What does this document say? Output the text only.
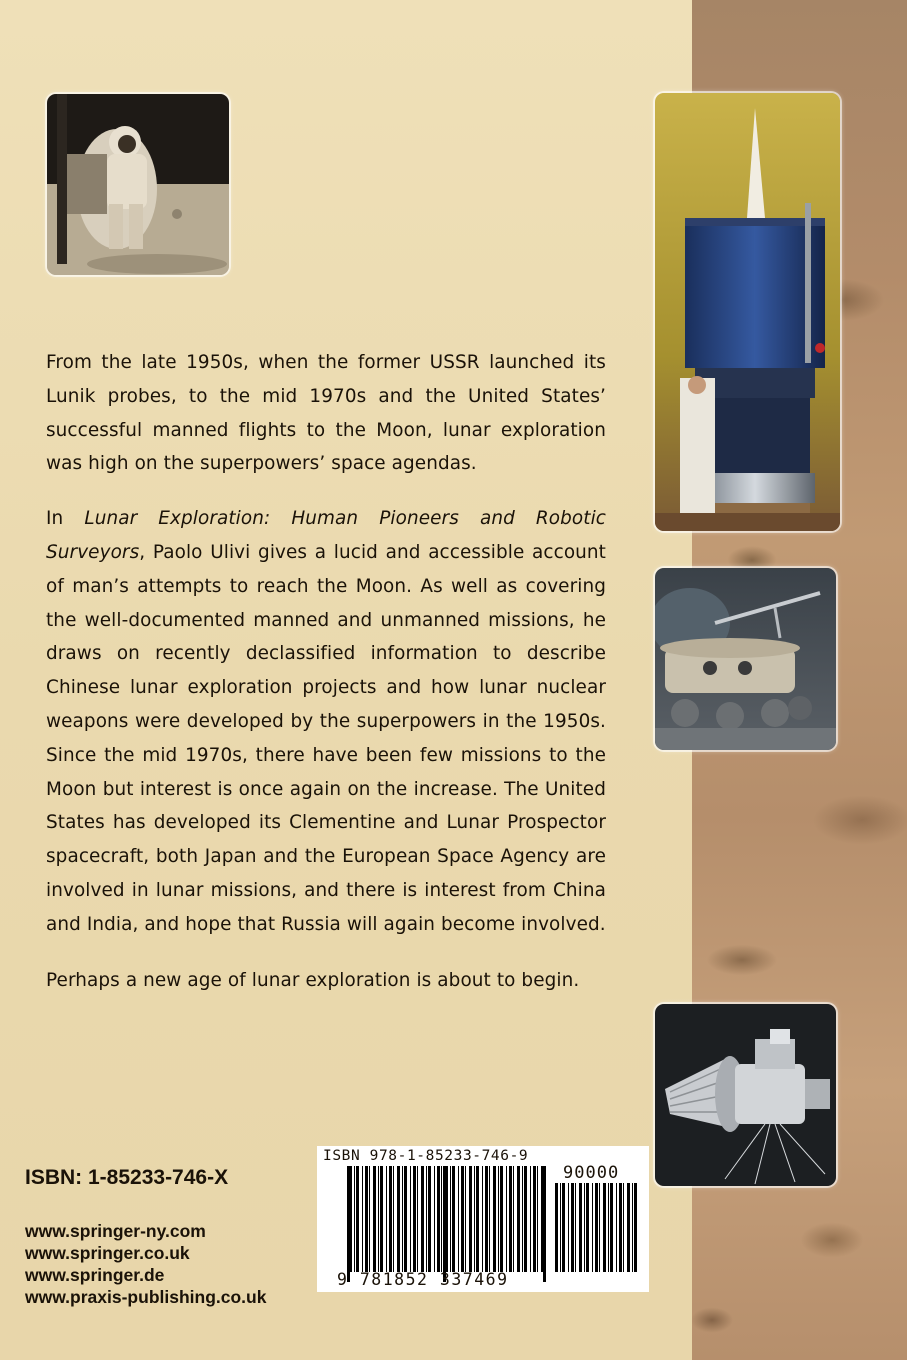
From the late 1950s, when the former USSR launched its Lunik probes, to the mid 1970s and the United States’ successful manned flights to the Moon, lunar exploration was high on the superpowers’ space agendas.

In Lunar Exploration: Human Pioneers and Robotic Surveyors, Paolo Ulivi gives a lucid and accessible account of man’s attempts to reach the Moon. As well as covering the well-documented manned and unmanned missions, he draws on recently declassified information to describe Chinese lunar exploration projects and how lunar nuclear weapons were developed by the superpowers in the 1950s. Since the mid 1970s, there have been few missions to the Moon but interest is once again on the increase. The United States has developed its Clementine and Lunar Prospector spacecraft, both Japan and the European Space Agency are involved in lunar missions, and there is interest from China and India, and hope that Russia will again become involved.

Perhaps a new age of lunar exploration is about to begin.

ISBN: 1-85233-746-X
www.springer-ny.com
www.springer.co.uk
www.springer.de
www.praxis-publishing.co.uk
ISBN 978-1-85233-746-9
90000
9 781852 337469
